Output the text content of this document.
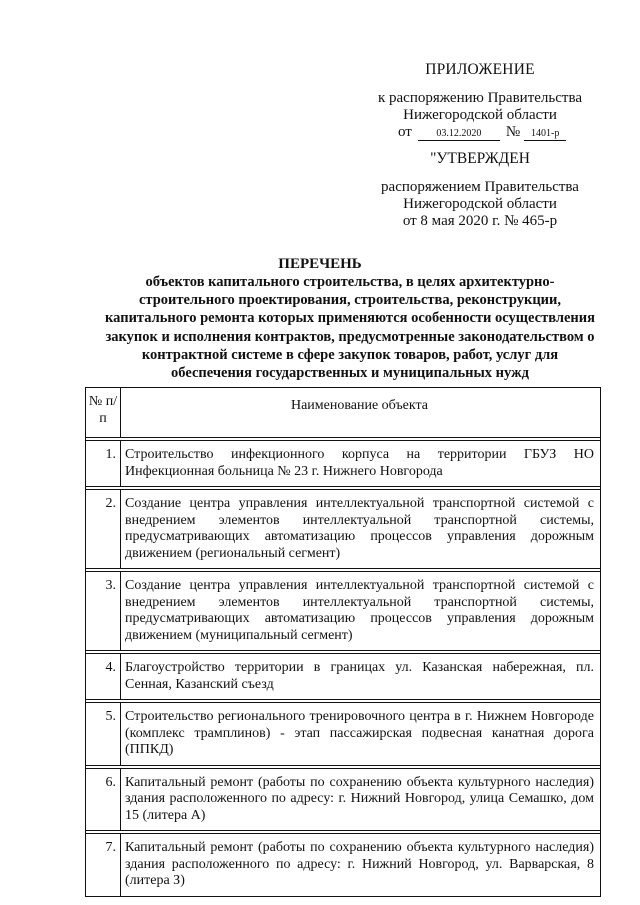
ПРИЛОЖЕНИЕ
к распоряжению Правительства
Нижегородской области
от 03.12.2020 № 1401-р
"УТВЕРЖДЕН
распоряжением Правительства
Нижегородской области
от 8 мая 2020 г. № 465-р
ПЕРЕЧЕНЬ
объектов капитального строительства, в целях архитектурно-строительного проектирования, строительства, реконструкции, капитального ремонта которых применяются особенности осуществления закупок и исполнения контрактов, предусмотренные законодательством о контрактной системе в сфере закупок товаров, работ, услуг для обеспечения государственных и муниципальных нужд
№ п/п	Наименование объекта

1.	Строительство инфекционного корпуса на территории ГБУЗ НО Инфекционная больница № 23 г. Нижнего Новгорода

2.	Создание центра управления интеллектуальной транспортной системой с внедрением элементов интеллектуальной транспортной системы, предусматривающих автоматизацию процессов управления дорожным движением (региональный сегмент)

3.	Создание центра управления интеллектуальной транспортной системой с внедрением элементов интеллектуальной транспортной системы, предусматривающих автоматизацию процессов управления дорожным движением (муниципальный сегмент)

4.	Благоустройство территории в границах ул. Казанская набережная, пл. Сенная, Казанский съезд

5.	Строительство регионального тренировочного центра в г. Нижнем Новгороде (комплекс трамплинов) - этап пассажирская подвесная канатная дорога (ППКД)

6.	Капитальный ремонт (работы по сохранению объекта культурного наследия) здания расположенного по адресу: г. Нижний Новгород, улица Семашко, дом 15 (литера А)

7.	Капитальный ремонт (работы по сохранению объекта культурного наследия) здания расположенного по адресу: г. Нижний Новгород, ул. Варварская, 8 (литера З)
